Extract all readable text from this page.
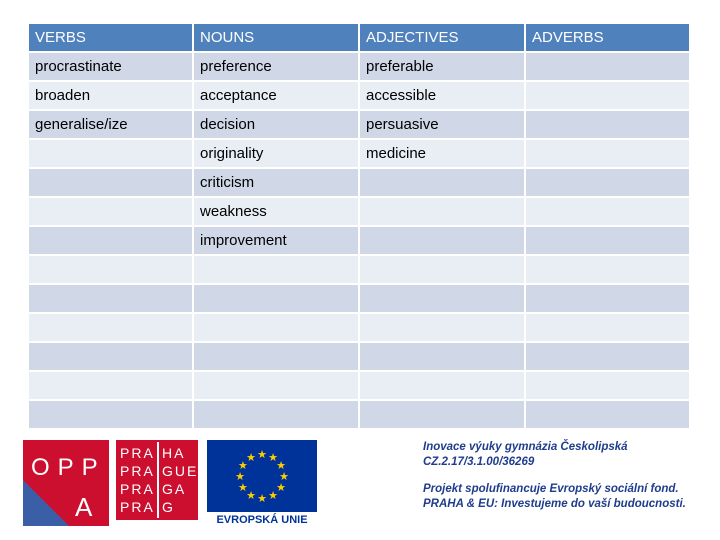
VERBS	NOUNS	ADJECTIVES	ADVERBS
procrastinate	preference	preferable	
broaden	acceptance	accessible	
generalise/ize	decision	persuasive	
	originality	medicine	
	criticism		
	weakness		
	improvement		

OPP
A
PRA
PRA
PRA
PRA
HA
GUE
GA
G
★
★
★
★
★
★
★
★
★ ★ ★
★
EVROPSKÁ UNIE
Inovace výuky gymnázia Českolipská
CZ.2.17/3.1.00/36269
Projekt spolufinancuje Evropský sociální fond.
PRAHA & EU: Investujeme do vaší budoucnosti.
